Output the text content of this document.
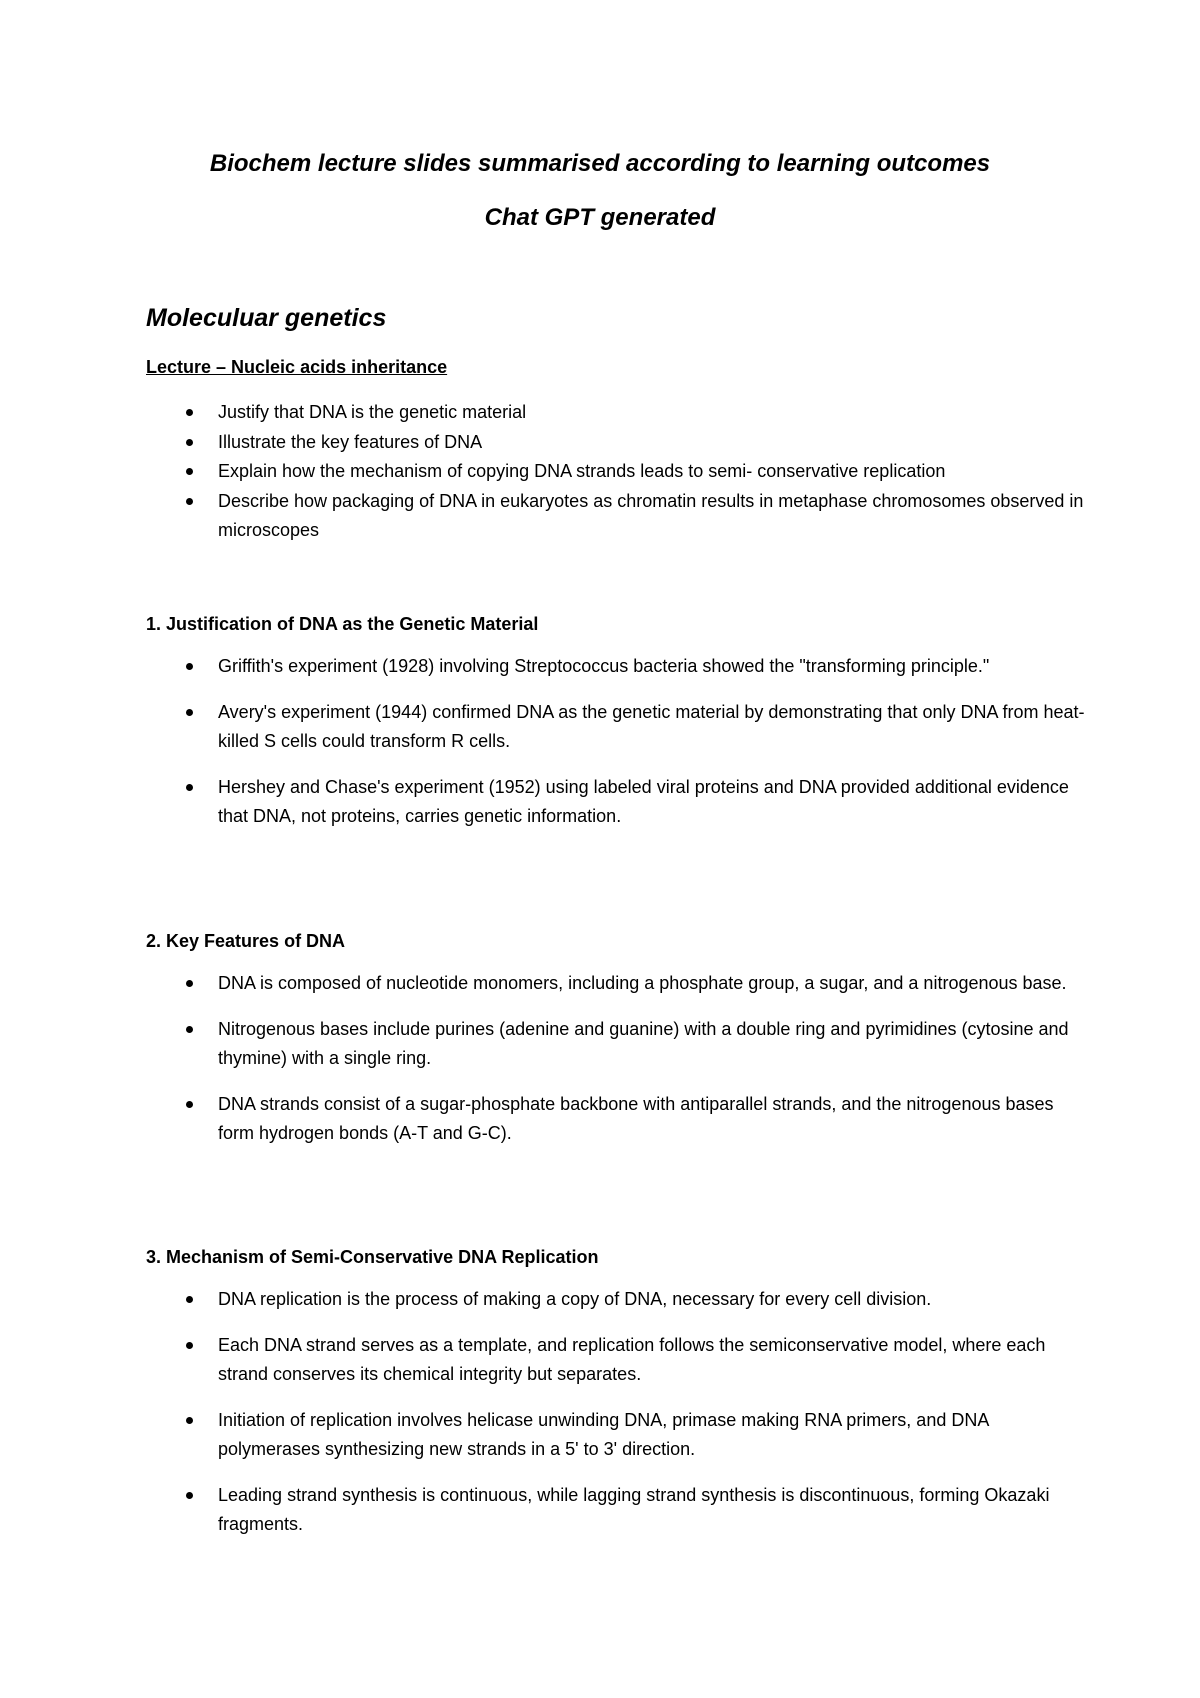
Biochem lecture slides summarised according to learning outcomes
Chat GPT generated
Moleculuar genetics
Lecture – Nucleic acids inheritance
Justify that DNA is the genetic material
Illustrate the key features of DNA
Explain how the mechanism of copying DNA strands leads to semi- conservative replication
Describe how packaging of DNA in eukaryotes as chromatin results in metaphase chromosomes observed in microscopes
1. Justification of DNA as the Genetic Material
Griffith's experiment (1928) involving Streptococcus bacteria showed the "transforming principle."
Avery's experiment (1944) confirmed DNA as the genetic material by demonstrating that only DNA from heat-killed S cells could transform R cells.
Hershey and Chase's experiment (1952) using labeled viral proteins and DNA provided additional evidence that DNA, not proteins, carries genetic information.
2. Key Features of DNA
DNA is composed of nucleotide monomers, including a phosphate group, a sugar, and a nitrogenous base.
Nitrogenous bases include purines (adenine and guanine) with a double ring and pyrimidines (cytosine and thymine) with a single ring.
DNA strands consist of a sugar-phosphate backbone with antiparallel strands, and the nitrogenous bases form hydrogen bonds (A-T and G-C).
3. Mechanism of Semi-Conservative DNA Replication
DNA replication is the process of making a copy of DNA, necessary for every cell division.
Each DNA strand serves as a template, and replication follows the semiconservative model, where each strand conserves its chemical integrity but separates.
Initiation of replication involves helicase unwinding DNA, primase making RNA primers, and DNA polymerases synthesizing new strands in a 5' to 3' direction.
Leading strand synthesis is continuous, while lagging strand synthesis is discontinuous, forming Okazaki fragments.
